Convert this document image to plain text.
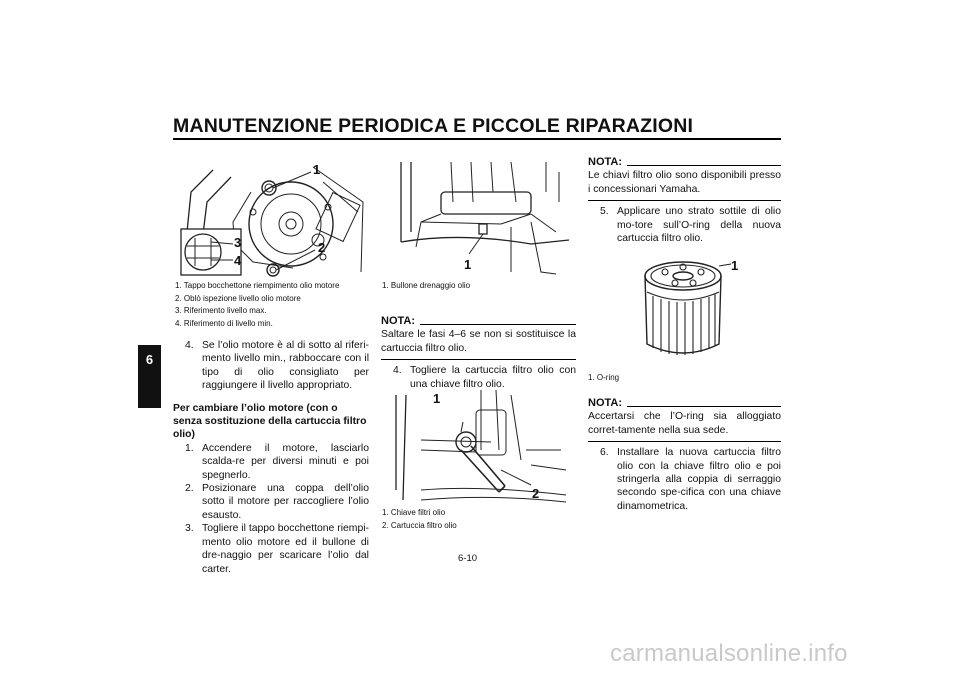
MANUTENZIONE PERIODICA E PICCOLE RIPARAZIONI
6
1
2
3
4
1. Tappo bocchettone riempimento olio motore
2. Oblò ispezione livello olio motore
3. Riferimento livello max.
4. Riferimento di livello min.
4. Se l’olio motore è al di sotto al riferi-mento livello min., rabboccare con il tipo di olio consigliato per raggiungere il livello appropriato.
Per cambiare l’olio motore (con o senza sostituzione della cartuccia filtro olio)
1. Accendere il motore, lasciarlo scalda-re per diversi minuti e poi spegnerlo.
2. Posizionare una coppa dell’olio sotto il motore per raccogliere l’olio esausto.
3. Togliere il tappo bocchettone riempi-mento olio motore ed il bullone di dre-naggio per scaricare l’olio dal carter.
1
1. Bullone drenaggio olio
NOTA:
Saltare le fasi 4–6 se non si sostituisce la cartuccia filtro olio.
4. Togliere la cartuccia filtro olio con una chiave filtro olio.
1
2
1. Chiave filtri olio
2. Cartuccia filtro olio
NOTA:
Le chiavi filtro olio sono disponibili presso i concessionari Yamaha.
5. Applicare uno strato sottile di olio mo-tore sull’O-ring della nuova cartuccia filtro olio.
1
1. O-ring
NOTA:
Accertarsi che l’O-ring sia alloggiato corret-tamente nella sua sede.
6. Installare la nuova cartuccia filtro olio con la chiave filtro olio e poi stringerla alla coppia di serraggio secondo spe-cifica con una chiave dinamometrica.
6-10
carmanualsonline.info
